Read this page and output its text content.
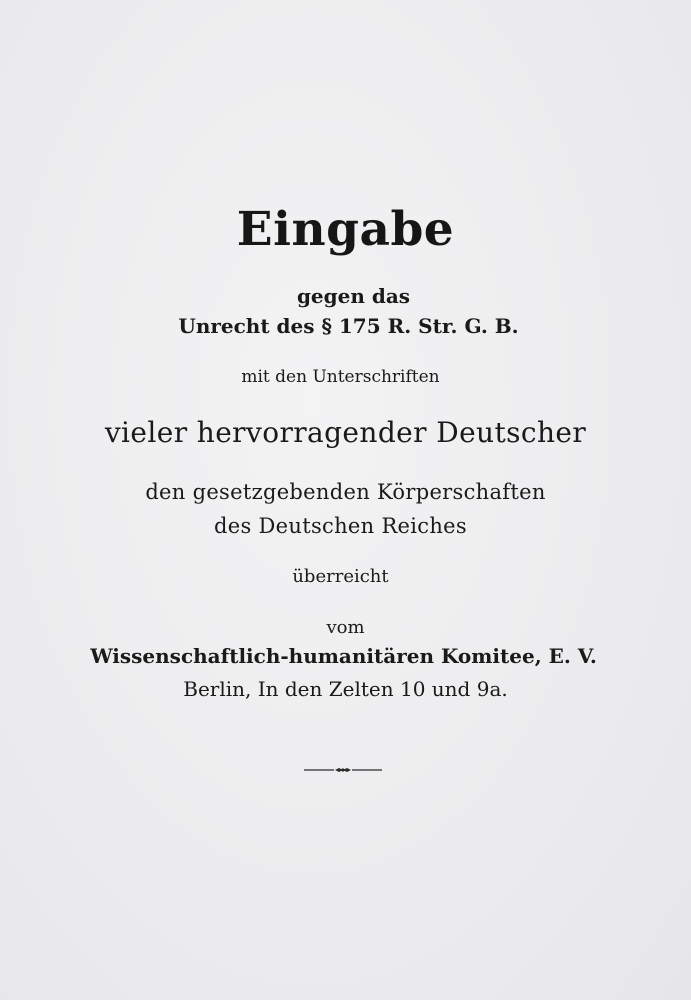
Eingabe
gegen das
Unrecht des § 175 R. Str. G. B.
mit den Unterschriften
vieler hervorragender Deutscher
den gesetzgebenden Körperschaften
des Deutschen Reiches
überreicht
vom
Wissenschaftlich-humanitären Komitee, E. V.
Berlin, In den Zelten 10 und 9a.
